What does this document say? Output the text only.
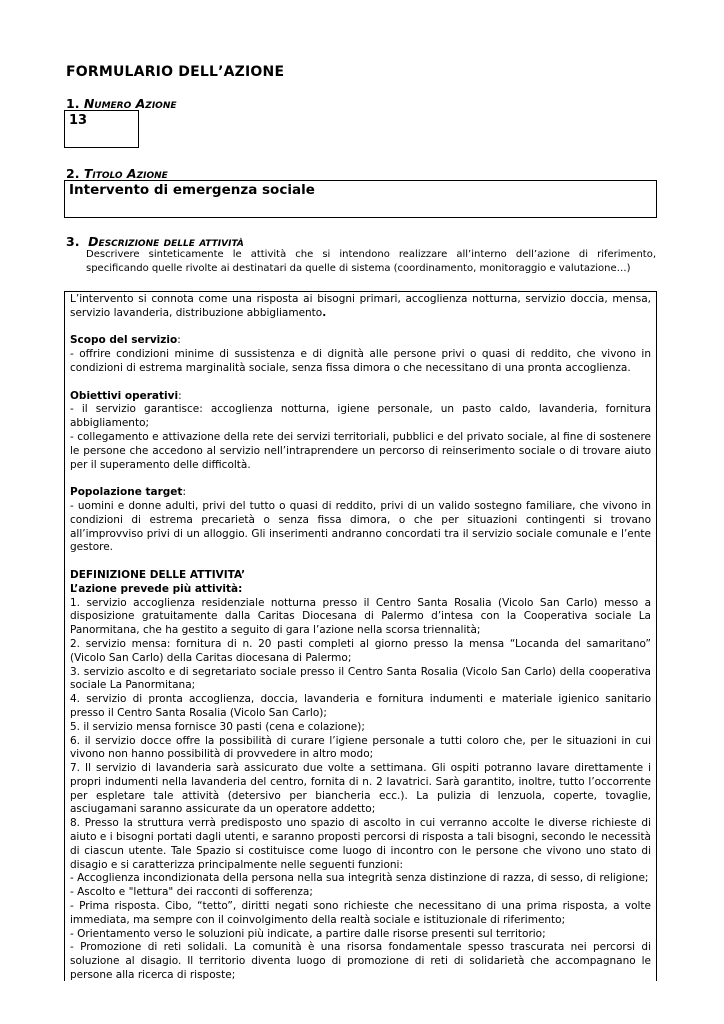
FORMULARIO DELL’AZIONE
1. Numero Azione
13
2. Titolo Azione
Intervento di emergenza sociale
3. Descrizione delle attività
Descrivere sinteticamente le attività che si intendono realizzare all’interno dell’azione di riferimento, specificando quelle rivolte ai destinatari da quelle di sistema (coordinamento, monitoraggio e valutazione…)

L’intervento si connota come una risposta ai bisogni primari, accoglienza notturna, servizio doccia, mensa, servizio lavanderia, distribuzione abbigliamento.

Scopo del servizio:

- offrire condizioni minime di sussistenza e di dignità alle persone privi o quasi di reddito, che vivono in condizioni di estrema marginalità sociale, senza fissa dimora o che necessitano di una pronta accoglienza.

Obiettivi operativi:

- il servizio garantisce: accoglienza notturna, igiene personale, un pasto caldo, lavanderia, fornitura abbigliamento;

- collegamento e attivazione della rete dei servizi territoriali, pubblici e del privato sociale, al fine di sostenere le persone che accedono al servizio nell’intraprendere un percorso di reinserimento sociale o di trovare aiuto per il superamento delle difficoltà.

Popolazione target:

- uomini e donne adulti, privi del tutto o quasi di reddito, privi di un valido sostegno familiare, che vivono in condizioni di estrema precarietà o senza fissa dimora, o che per situazioni contingenti si trovano all’improvviso privi di un alloggio. Gli inserimenti andranno concordati tra il servizio sociale comunale e l’ente gestore.

DEFINIZIONE DELLE ATTIVITA’

L’azione prevede più attività:

1. servizio accoglienza residenziale notturna presso il Centro Santa Rosalia (Vicolo San Carlo) messo a disposizione gratuitamente dalla Caritas Diocesana di Palermo d’intesa con la Cooperativa sociale La Panormitana, che ha gestito a seguito di gara l’azione nella scorsa triennalità;

2. servizio mensa: fornitura di n. 20 pasti completi al giorno presso la mensa “Locanda del samaritano” (Vicolo San Carlo) della Caritas diocesana di Palermo;

3. servizio ascolto e di segretariato sociale presso il Centro Santa Rosalia (Vicolo San Carlo) della cooperativa sociale La Panormitana;

4. servizio di pronta accoglienza, doccia, lavanderia e fornitura indumenti e materiale igienico sanitario presso il Centro Santa Rosalia (Vicolo San Carlo);

5. il servizio mensa fornisce 30 pasti (cena e colazione);

6. il servizio docce offre la possibilità di curare l’igiene personale a tutti coloro che, per le situazioni in cui vivono non hanno possibilità di provvedere in altro modo;

7. Il servizio di lavanderia sarà assicurato due volte a settimana. Gli ospiti potranno lavare direttamente i propri indumenti nella lavanderia del centro, fornita di n. 2 lavatrici. Sarà garantito, inoltre, tutto l’occorrente per espletare tale attività (detersivo per biancheria ecc.). La pulizia di lenzuola, coperte, tovaglie, asciugamani saranno assicurate da un operatore addetto;

8. Presso la struttura verrà predisposto uno spazio di ascolto in cui verranno accolte le diverse richieste di aiuto e i bisogni portati dagli utenti, e saranno proposti percorsi di risposta a tali bisogni, secondo le necessità di ciascun utente. Tale Spazio si costituisce come luogo di incontro con le persone che vivono uno stato di disagio e si caratterizza principalmente nelle seguenti funzioni:

- Accoglienza incondizionata della persona nella sua integrità senza distinzione di razza, di sesso, di religione;

- Ascolto e "lettura" dei racconti di sofferenza;

- Prima risposta. Cibo, “tetto”, diritti negati sono richieste che necessitano di una prima risposta, a volte immediata, ma sempre con il coinvolgimento della realtà sociale e istituzionale di riferimento;

- Orientamento verso le soluzioni più indicate, a partire dalle risorse presenti sul territorio;

- Promozione di reti solidali. La comunità è una risorsa fondamentale spesso trascurata nei percorsi di soluzione al disagio. Il territorio diventa luogo di promozione di reti di solidarietà che accompagnano le persone alla ricerca di risposte;
